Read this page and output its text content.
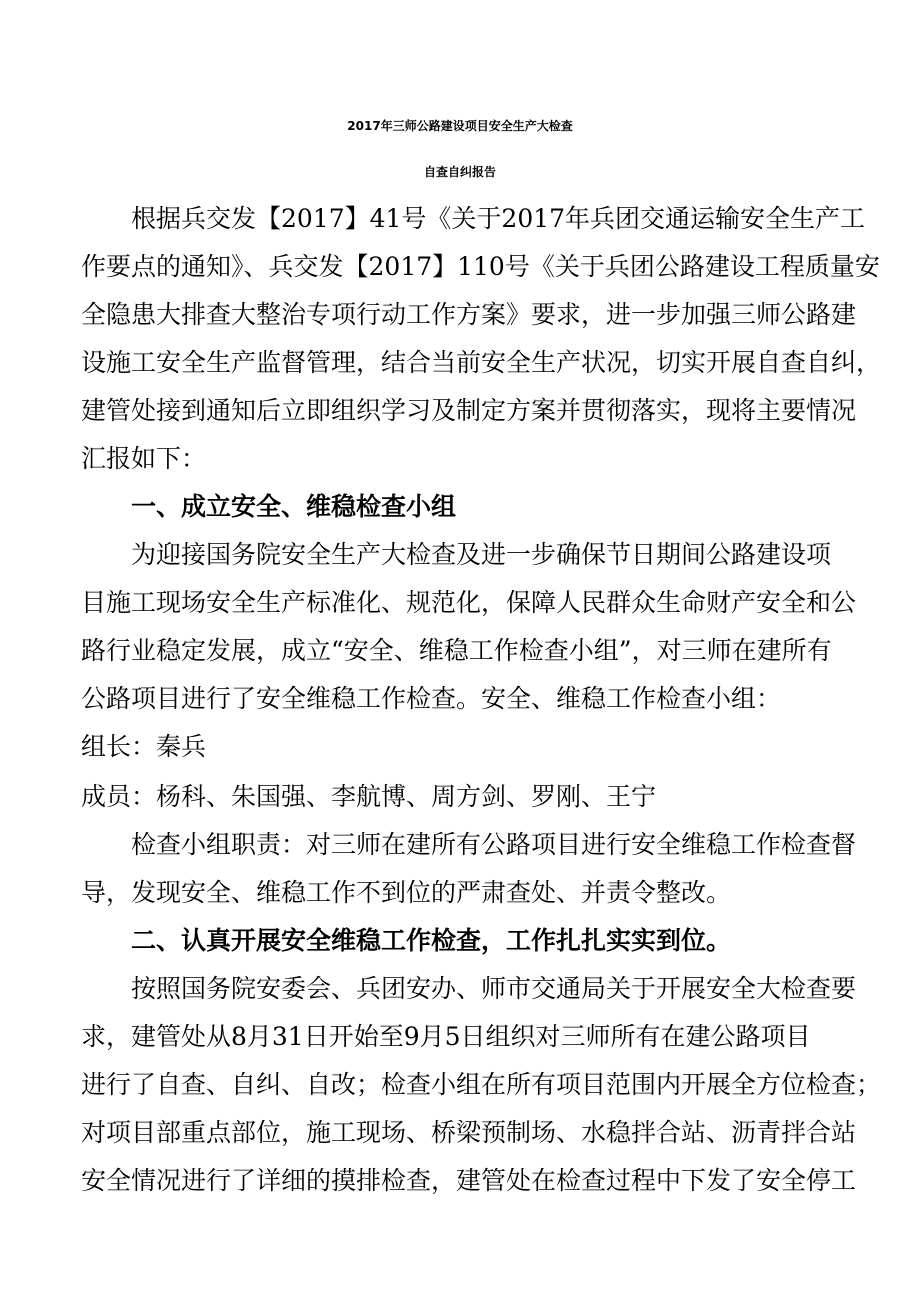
2017年三师公路建设项目安全生产大检查
自查自纠报告
根据兵交发【2017】41号《关于2017年兵团交通运输安全生产工
作要点的通知》、兵交发【2017】110号《关于兵团公路建设工程质量安
全隐患大排查大整治专项行动工作方案》要求，进一步加强三师公路建
设施工安全生产监督管理，结合当前安全生产状况，切实开展自查自纠，
建管处接到通知后立即组织学习及制定方案并贯彻落实，现将主要情况
汇报如下：
一、成立安全、维稳检查小组
为迎接国务院安全生产大检查及进一步确保节日期间公路建设项
目施工现场安全生产标准化、规范化，保障人民群众生命财产安全和公
路行业稳定发展，成立“安全、维稳工作检查小组”，对三师在建所有
公路项目进行了安全维稳工作检查。安全、维稳工作检查小组：
组长：秦兵
成员：杨科、朱国强、李航博、周方剑、罗刚、王宁
检查小组职责：对三师在建所有公路项目进行安全维稳工作检查督
导，发现安全、维稳工作不到位的严肃查处、并责令整改。
二、认真开展安全维稳工作检查，工作扎扎实实到位。
按照国务院安委会、兵团安办、师市交通局关于开展安全大检查要
求，建管处从8月31日开始至9月5日组织对三师所有在建公路项目
进行了自查、自纠、自改；检查小组在所有项目范围内开展全方位检查；
对项目部重点部位，施工现场、桥梁预制场、水稳拌合站、沥青拌合站
安全情况进行了详细的摸排检查，建管处在检查过程中下发了安全停工
